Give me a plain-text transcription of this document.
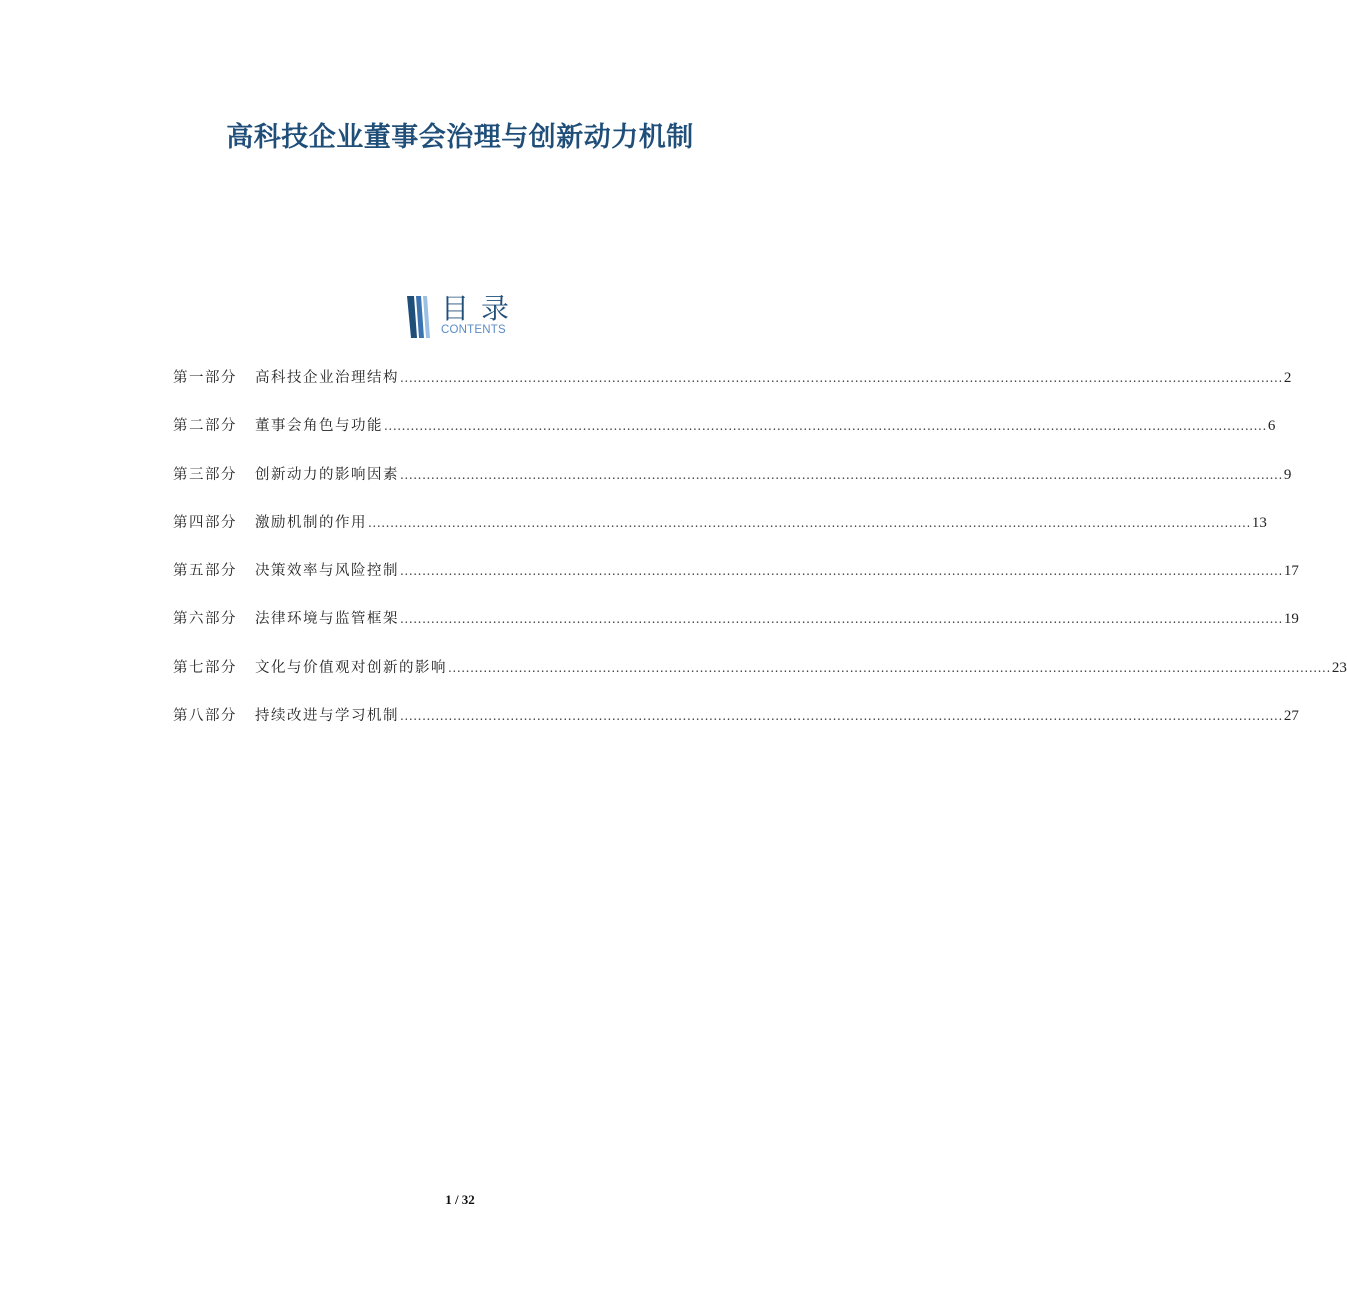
高科技企业董事会治理与创新动力机制
目录
CONTENTS
第一部分	高科技企业治理结构 ........................................................................................................................................................................................................ 2
第二部分	董事会角色与功能 ........................................................................................................................................................................................................ 6
第三部分	创新动力的影响因素 ........................................................................................................................................................................................................ 9
第四部分	激励机制的作用 ........................................................................................................................................................................................................ 13
第五部分	决策效率与风险控制 ........................................................................................................................................................................................................ 17
第六部分	法律环境与监管框架 ........................................................................................................................................................................................................ 19
第七部分	文化与价值观对创新的影响 ........................................................................................................................................................................................................ 23
第八部分	持续改进与学习机制 ........................................................................................................................................................................................................ 27
1 / 32
